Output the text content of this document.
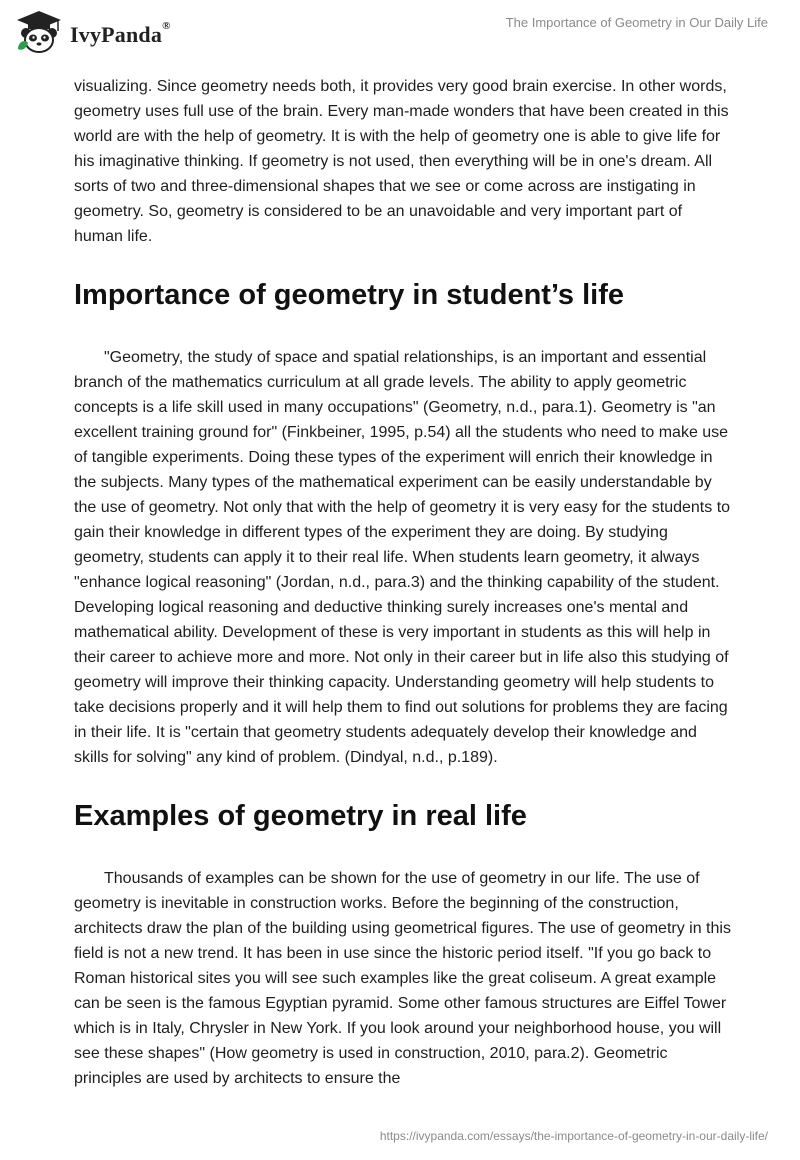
IvyPanda®	The Importance of Geometry in Our Daily Life

visualizing. Since geometry needs both, it provides very good brain exercise. In other words, geometry uses full use of the brain. Every man-made wonders that have been created in this world are with the help of geometry. It is with the help of geometry one is able to give life for his imaginative thinking. If geometry is not used, then everything will be in one's dream. All sorts of two and three-dimensional shapes that we see or come across are instigating in geometry. So, geometry is considered to be an unavoidable and very important part of human life.

Importance of geometry in student’s life

"Geometry, the study of space and spatial relationships, is an important and essential branch of the mathematics curriculum at all grade levels. The ability to apply geometric concepts is a life skill used in many occupations" (Geometry, n.d., para.1). Geometry is "an excellent training ground for" (Finkbeiner, 1995, p.54) all the students who need to make use of tangible experiments. Doing these types of the experiment will enrich their knowledge in the subjects. Many types of the mathematical experiment can be easily understandable by the use of geometry. Not only that with the help of geometry it is very easy for the students to gain their knowledge in different types of the experiment they are doing. By studying geometry, students can apply it to their real life. When students learn geometry, it always "enhance logical reasoning" (Jordan, n.d., para.3) and the thinking capability of the student. Developing logical reasoning and deductive thinking surely increases one's mental and mathematical ability. Development of these is very important in students as this will help in their career to achieve more and more. Not only in their career but in life also this studying of geometry will improve their thinking capacity. Understanding geometry will help students to take decisions properly and it will help them to find out solutions for problems they are facing in their life. It is "certain that geometry students adequately develop their knowledge and skills for solving" any kind of problem. (Dindyal, n.d., p.189).

Examples of geometry in real life

Thousands of examples can be shown for the use of geometry in our life. The use of geometry is inevitable in construction works. Before the beginning of the construction, architects draw the plan of the building using geometrical figures. The use of geometry in this field is not a new trend. It has been in use since the historic period itself. "If you go back to Roman historical sites you will see such examples like the great coliseum. A great example can be seen is the famous Egyptian pyramid. Some other famous structures are Eiffel Tower which is in Italy, Chrysler in New York. If you look around your neighborhood house, you will see these shapes" (How geometry is used in construction, 2010, para.2). Geometric principles are used by architects to ensure the

https://ivypanda.com/essays/the-importance-of-geometry-in-our-daily-life/
